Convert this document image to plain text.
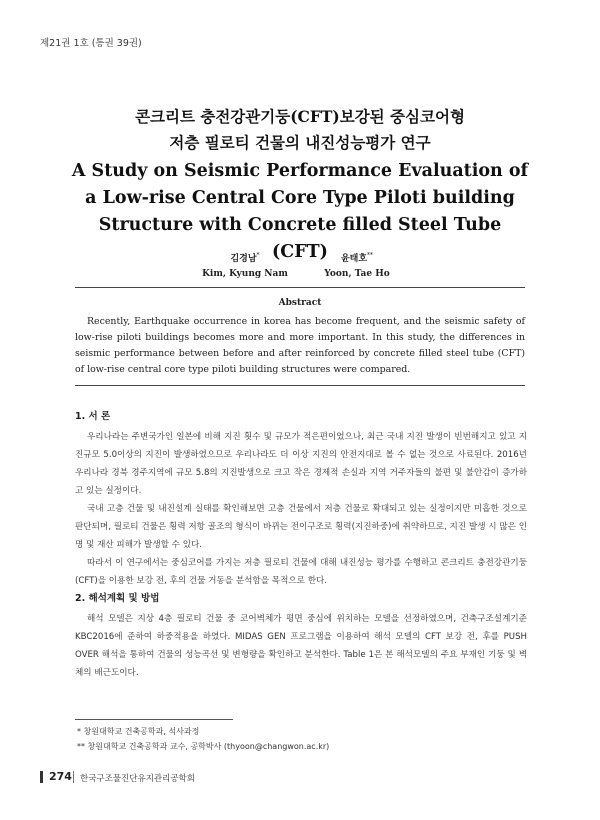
제21권 1호 (통권 39권)
콘크리트 충전강관기둥(CFT)보강된 중심코어형
저층 필로티 건물의 내진성능평가 연구
A Study on Seismic Performance Evaluation of a Low-rise Central Core Type Piloti building Structure with Concrete filled Steel Tube (CFT)
김경남*
Kim, Kyung Nam
윤태호**
Yoon, Tae Ho
Abstract

Recently, Earthquake occurrence in korea has become frequent, and the seismic safety of low-rise piloti buildings becomes more and more important. In this study, the differences in seismic performance between before and after reinforced by concrete filled steel tube (CFT) of low-rise central core type piloti building structures were compared.

1. 서 론

우리나라는 주변국가인 일본에 비해 지진 횟수 및 규모가 적은편이었으나, 최근 국내 지진 발생이 빈번해지고 있고 지진규모 5.0이상의 지진이 발생하였으므로 우리나라도 더 이상 지진의 안전지대로 볼 수 없는 것으로 사료된다. 2016년 우리나라 경북 경주지역에 규모 5.8의 지진발생으로 크고 작은 경제적 손실과 지역 거주자들의 불편 및 불안감이 증가하고 있는 실정이다.

국내 고층 건물 및 내진설계 실태를 확인해보면 고층 건물에서 저층 건물로 확대되고 있는 실정이지만 미흡한 것으로 판단되며, 필로티 건물은 횡력 저항 골조의 형식이 바뀌는 전이구조로 횡력(지진하중)에 취약하므로, 지진 발생 시 많은 인명 및 재산 피해가 발생할 수 있다.

따라서 이 연구에서는 중심코어를 가지는 저층 필로티 건물에 대해 내진성능 평가를 수행하고 콘크리트 충전강관기둥(CFT)을 이용한 보강 전, 후의 건물 거동을 분석함을 목적으로 한다.

2. 해석계획 및 방법

해석 모델은 지상 4층 필로티 건물 중 코어벽체가 평면 중심에 위치하는 모델을 선정하였으며, 건축구조설계기준 KBC2016에 준하여 하중적용을 하였다. MIDAS GEN 프로그램을 이용하여 해석 모델의 CFT 보강 전, 후를 PUSH OVER 해석을 통하여 건물의 성능곡선 및 변형량을 확인하고 분석한다. Table 1은 본 해석모델의 주요 부재인 기둥 및 벽체의 배근도이다.

* 창원대학교 건축공학과, 석사과정
** 창원대학교 건축공학과 교수, 공학박사 (thyoon@changwon.ac.kr)
274 한국구조물진단유지관리공학회
